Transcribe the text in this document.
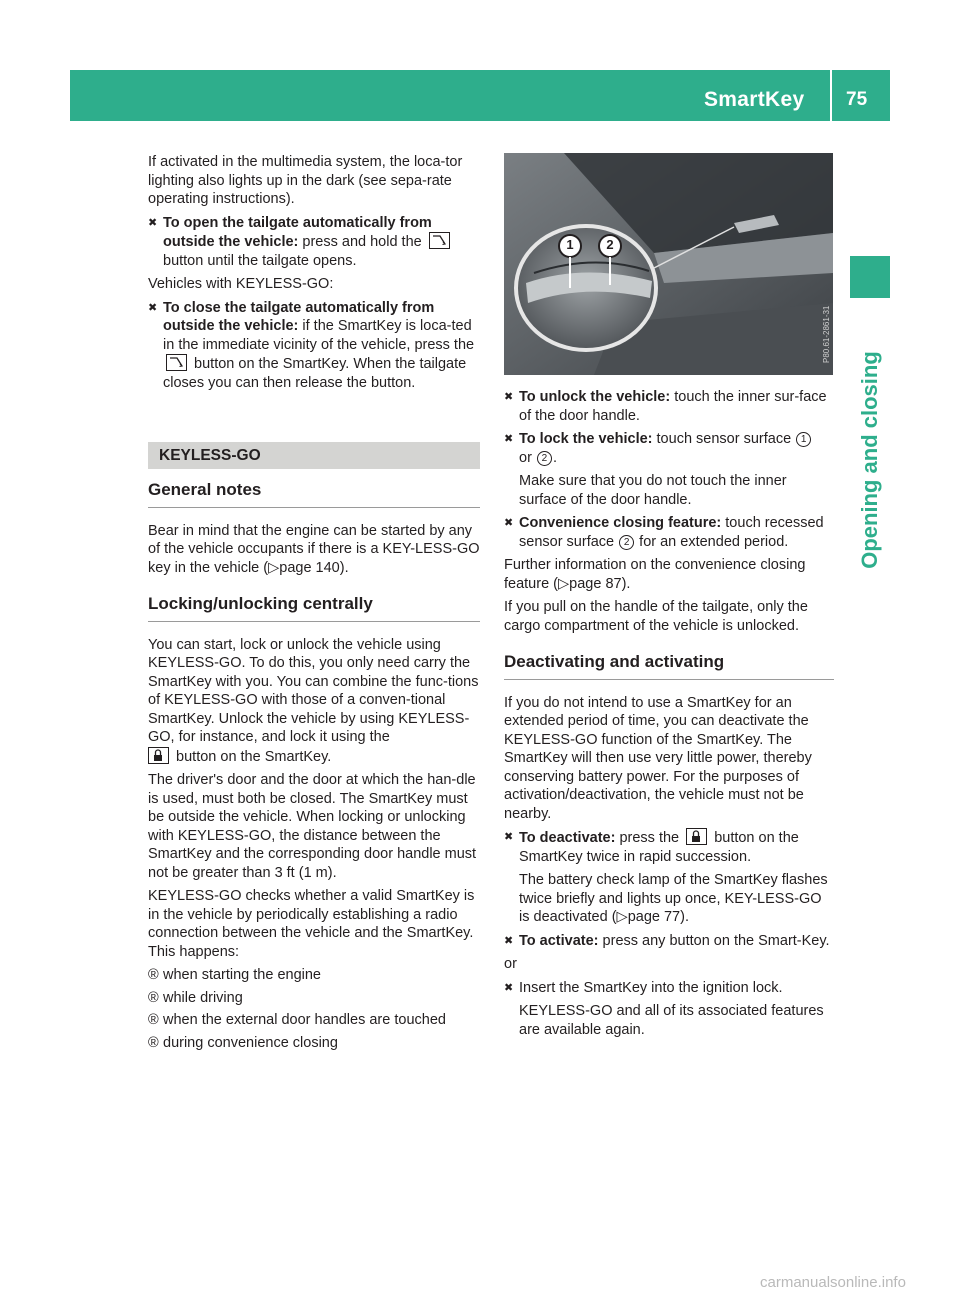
SmartKey 75
Opening and closing

If activated in the multimedia system, the loca-tor lighting also lights up in the dark (see sepa-rate operating instructions).

✖ To open the tailgate automatically from outside the vehicle: press and hold the
button until the tailgate opens.

Vehicles with KEYLESS-GO:

✖ To close the tailgate automatically from outside the vehicle: if the SmartKey is loca-ted in the immediate vicinity of the vehicle, press the
button on the SmartKey. When the tailgate closes you can then release the button.
KEYLESS-GO
General notes

Bear in mind that the engine can be started by any of the vehicle occupants if there is a KEY-LESS-GO key in the vehicle (▷page 140).

Locking/unlocking centrally

You can start, lock or unlock the vehicle using KEYLESS-GO. To do this, you only need carry the SmartKey with you. You can combine the func-tions of KEYLESS-GO with those of a conven-tional SmartKey. Unlock the vehicle by using KEYLESS-GO, for instance, and lock it using the

button on the SmartKey.

The driver's door and the door at which the han-dle is used, must both be closed. The SmartKey must be outside the vehicle. When locking or unlocking with KEYLESS-GO, the distance between the SmartKey and the corresponding door handle must not be greater than 3 ft (1 m).

KEYLESS-GO checks whether a valid SmartKey is in the vehicle by periodically establishing a radio connection between the vehicle and the SmartKey. This happens:

® when starting the engine
® while driving
® when the external door handles are touched
® during convenience closing
1	2
P80.61-2861-31
✖ To unlock the vehicle: touch the inner sur-face of the door handle.
✖ To lock the vehicle: touch sensor surface 1
or 2 .
Make sure that you do not touch the inner surface of the door handle.
✖ Convenience closing feature: touch recessed sensor surface 2 for an extended period.

Further information on the convenience closing feature (▷page 87).

If you pull on the handle of the tailgate, only the cargo compartment of the vehicle is unlocked.

Deactivating and activating

If you do not intend to use a SmartKey for an extended period of time, you can deactivate the KEYLESS-GO function of the SmartKey. The SmartKey will then use very little power, thereby conserving battery power. For the purposes of activation/deactivation, the vehicle must not be nearby.

✖ To deactivate: press the button on the SmartKey twice in rapid succession.
The battery check lamp of the SmartKey flashes twice briefly and lights up once, KEY-LESS-GO is deactivated (▷page 77).
✖ To activate: press any button on the Smart-Key.

or

✖ Insert the SmartKey into the ignition lock.
KEYLESS-GO and all of its associated features are available again.
carmanualsonline.info
